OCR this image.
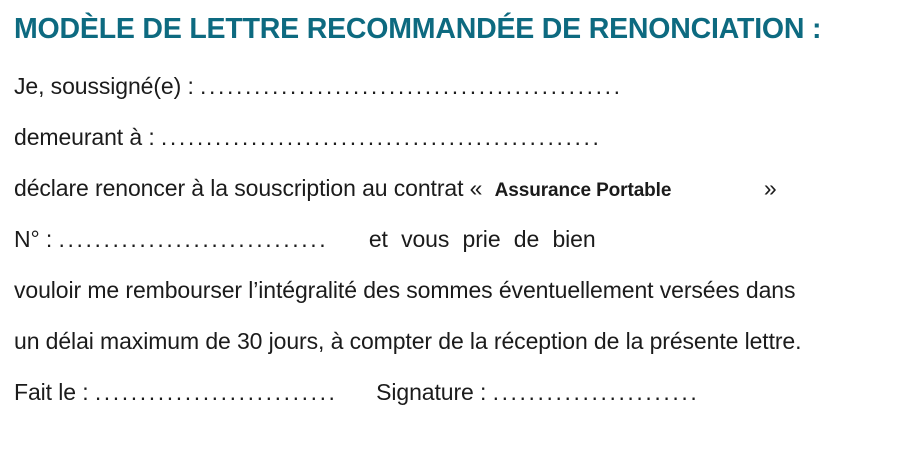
MODÈLE DE LETTRE RECOMMANDÉE DE RENONCIATION :
Je, soussigné(e) : ...............................................
demeurant à : .................................................
déclare renoncer à la souscription au contrat « Assurance Portable	»
N° : .............................. et vous prie de bien
vouloir me rembourser l’intégralité des sommes éventuellement versées dans
un délai maximum de 30 jours, à compter de la réception de la présente lettre.
Fait le : ........................... Signature : .......................
